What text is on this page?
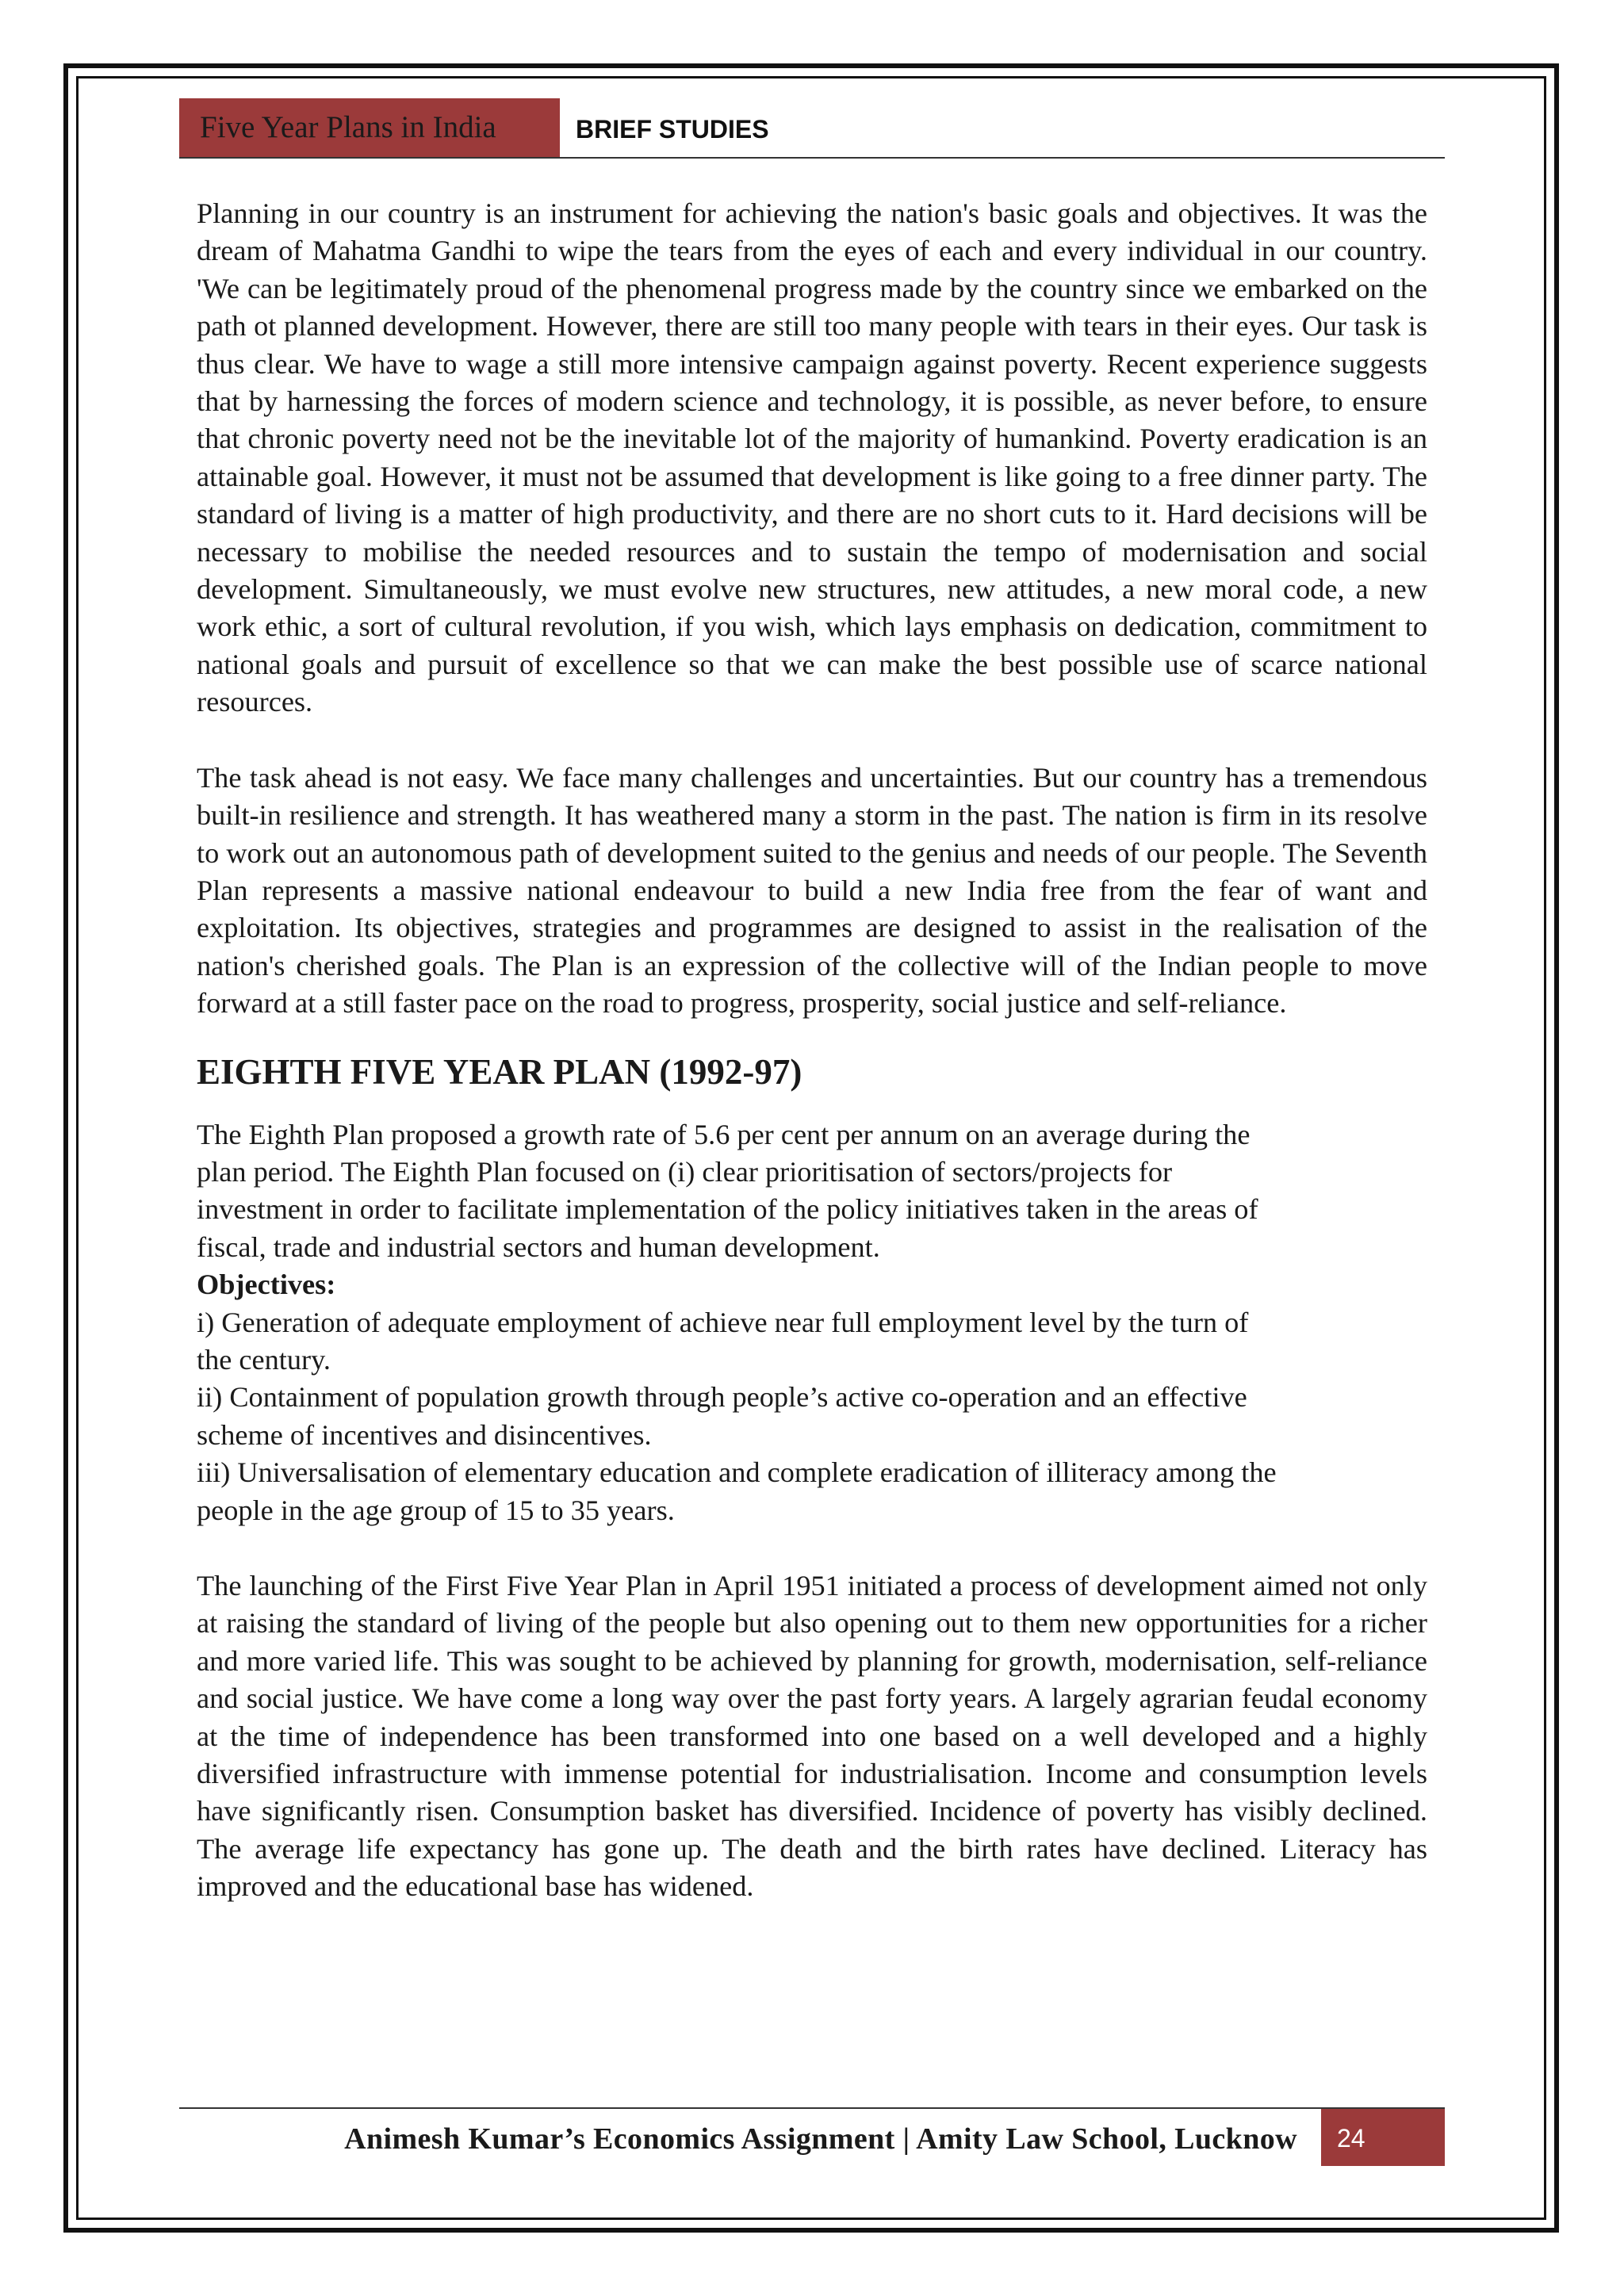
Five Year Plans in India	BRIEF STUDIES

Planning in our country is an instrument for achieving the nation's basic goals and objectives. It was the dream of Mahatma Gandhi to wipe the tears from the eyes of each and every individual in our country. 'We can be legitimately proud of the phenomenal progress made by the country since we embarked on the path ot planned development. However, there are still too many people with tears in their eyes. Our task is thus clear. We have to wage a still more intensive campaign against poverty. Recent experience suggests that by harnessing the forces of modern science and technology, it is possible, as never before, to ensure that chronic poverty need not be the inevitable lot of the majority of humankind. Poverty eradication is an attainable goal. However, it must not be assumed that development is like going to a free dinner party. The standard of living is a matter of high productivity, and there are no short cuts to it. Hard decisions will be necessary to mobilise the needed resources and to sustain the tempo of modernisation and social development. Simultaneously, we must evolve new structures, new attitudes, a new moral code, a new work ethic, a sort of cultural revolution, if you wish, which lays emphasis on dedication, commitment to national goals and pursuit of excellence so that we can make the best possible use of scarce national resources.

The task ahead is not easy. We face many challenges and uncertainties. But our country has a tremendous built-in resilience and strength. It has weathered many a storm in the past. The nation is firm in its resolve to work out an autonomous path of development suited to the genius and needs of our people. The Seventh Plan represents a massive national endeavour to build a new India free from the fear of want and exploitation. Its objectives, strategies and programmes are designed to assist in the realisation of the nation's cherished goals. The Plan is an expression of the collective will of the Indian people to move forward at a still faster pace on the road to progress, prosperity, social justice and self-reliance.

EIGHTH FIVE YEAR PLAN (1992-97)

The Eighth Plan proposed a growth rate of 5.6 per cent per annum on an average during the

plan period. The Eighth Plan focused on (i) clear prioritisation of sectors/projects for

investment in order to facilitate implementation of the policy initiatives taken in the areas of

fiscal, trade and industrial sectors and human development.

Objectives:

i) Generation of adequate employment of achieve near full employment level by the turn of

the century.

ii) Containment of population growth through people’s active co-operation and an effective

scheme of incentives and disincentives.

iii) Universalisation of elementary education and complete eradication of illiteracy among the

people in the age group of 15 to 35 years.

The launching of the First Five Year Plan in April 1951 initiated a process of development aimed not only at raising the standard of living of the people but also opening out to them new opportunities for a richer and more varied life. This was sought to be achieved by planning for growth, modernisation, self-reliance and social justice. We have come a long way over the past forty years. A largely agrarian feudal economy at the time of independence has been transformed into one based on a well developed and a highly diversified infrastructure with immense potential for industrialisation. Income and consumption levels have significantly risen. Consumption basket has diversified. Incidence of poverty has visibly declined. The average life expectancy has gone up. The death and the birth rates have declined. Literacy has improved and the educational base has widened.

Animesh Kumar’s Economics Assignment | Amity Law School, Lucknow	24
